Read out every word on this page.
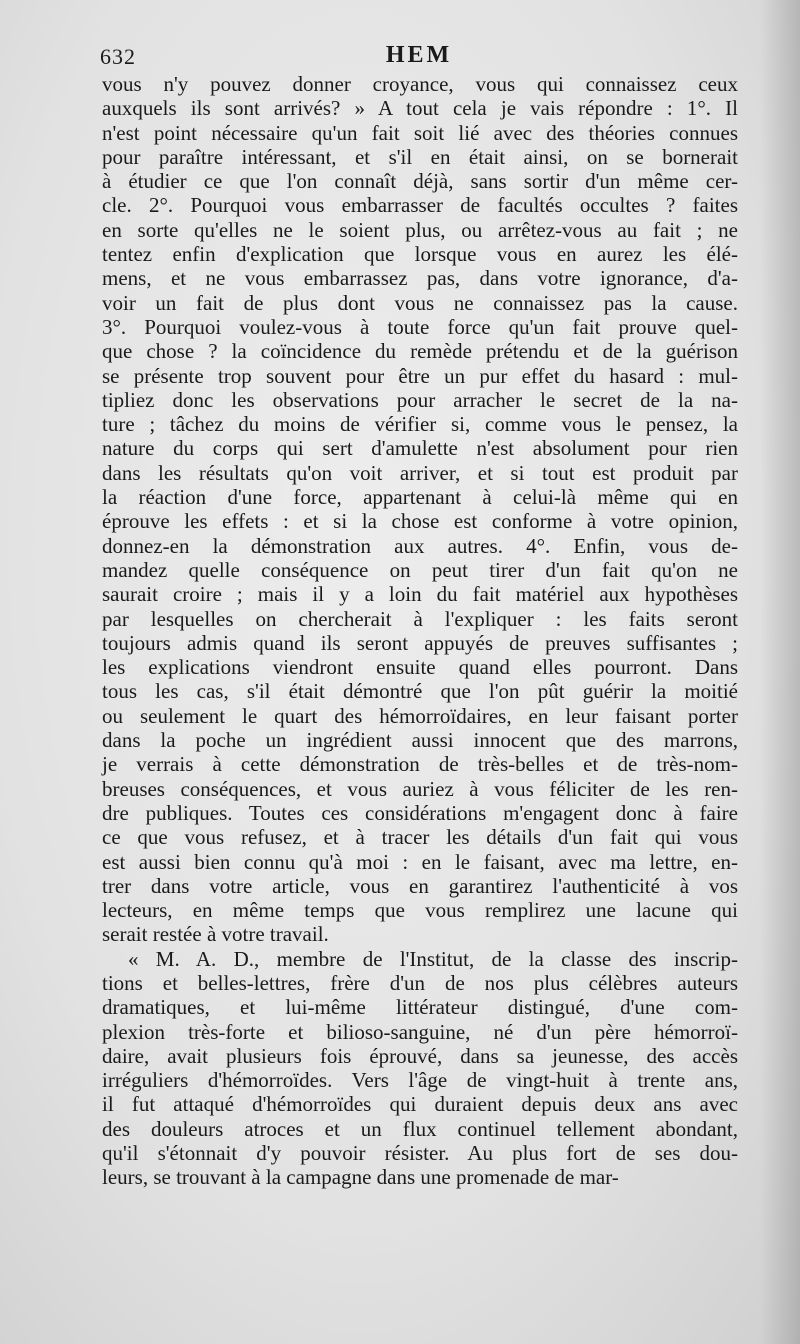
632	HEM
vous n'y pouvez donner croyance, vous qui connaissez ceux
auxquels ils sont arrivés? » A tout cela je vais répondre : 1°. Il
n'est point nécessaire qu'un fait soit lié avec des théories connues
pour paraître intéressant, et s'il en était ainsi, on se bornerait
à étudier ce que l'on connaît déjà, sans sortir d'un même cer-
cle. 2°. Pourquoi vous embarrasser de facultés occultes ? faites
en sorte qu'elles ne le soient plus, ou arrêtez-vous au fait ; ne
tentez enfin d'explication que lorsque vous en aurez les élé-
mens, et ne vous embarrassez pas, dans votre ignorance, d'a-
voir un fait de plus dont vous ne connaissez pas la cause.
3°. Pourquoi voulez-vous à toute force qu'un fait prouve quel-
que chose ? la coïncidence du remède prétendu et de la guérison
se présente trop souvent pour être un pur effet du hasard : mul-
tipliez donc les observations pour arracher le secret de la na-
ture ; tâchez du moins de vérifier si, comme vous le pensez, la
nature du corps qui sert d'amulette n'est absolument pour rien
dans les résultats qu'on voit arriver, et si tout est produit par
la réaction d'une force, appartenant à celui-là même qui en
éprouve les effets : et si la chose est conforme à votre opinion,
donnez-en la démonstration aux autres. 4°. Enfin, vous de-
mandez quelle conséquence on peut tirer d'un fait qu'on ne
saurait croire ; mais il y a loin du fait matériel aux hypothèses
par lesquelles on chercherait à l'expliquer : les faits seront
toujours admis quand ils seront appuyés de preuves suffisantes ;
les explications viendront ensuite quand elles pourront. Dans
tous les cas, s'il était démontré que l'on pût guérir la moitié
ou seulement le quart des hémorroïdaires, en leur faisant porter
dans la poche un ingrédient aussi innocent que des marrons,
je verrais à cette démonstration de très-belles et de très-nom-
breuses conséquences, et vous auriez à vous féliciter de les ren-
dre publiques. Toutes ces considérations m'engagent donc à faire
ce que vous refusez, et à tracer les détails d'un fait qui vous
est aussi bien connu qu'à moi : en le faisant, avec ma lettre, en-
trer dans votre article, vous en garantirez l'authenticité à vos
lecteurs, en même temps que vous remplirez une lacune qui
serait restée à votre travail.
« M. A. D., membre de l'Institut, de la classe des inscrip-
tions et belles-lettres, frère d'un de nos plus célèbres auteurs
dramatiques, et lui-même littérateur distingué, d'une com-
plexion très-forte et bilioso-sanguine, né d'un père hémorroï-
daire, avait plusieurs fois éprouvé, dans sa jeunesse, des accès
irréguliers d'hémorroïdes. Vers l'âge de vingt-huit à trente ans,
il fut attaqué d'hémorroïdes qui duraient depuis deux ans avec
des douleurs atroces et un flux continuel tellement abondant,
qu'il s'étonnait d'y pouvoir résister. Au plus fort de ses dou-
leurs, se trouvant à la campagne dans une promenade de mar-
